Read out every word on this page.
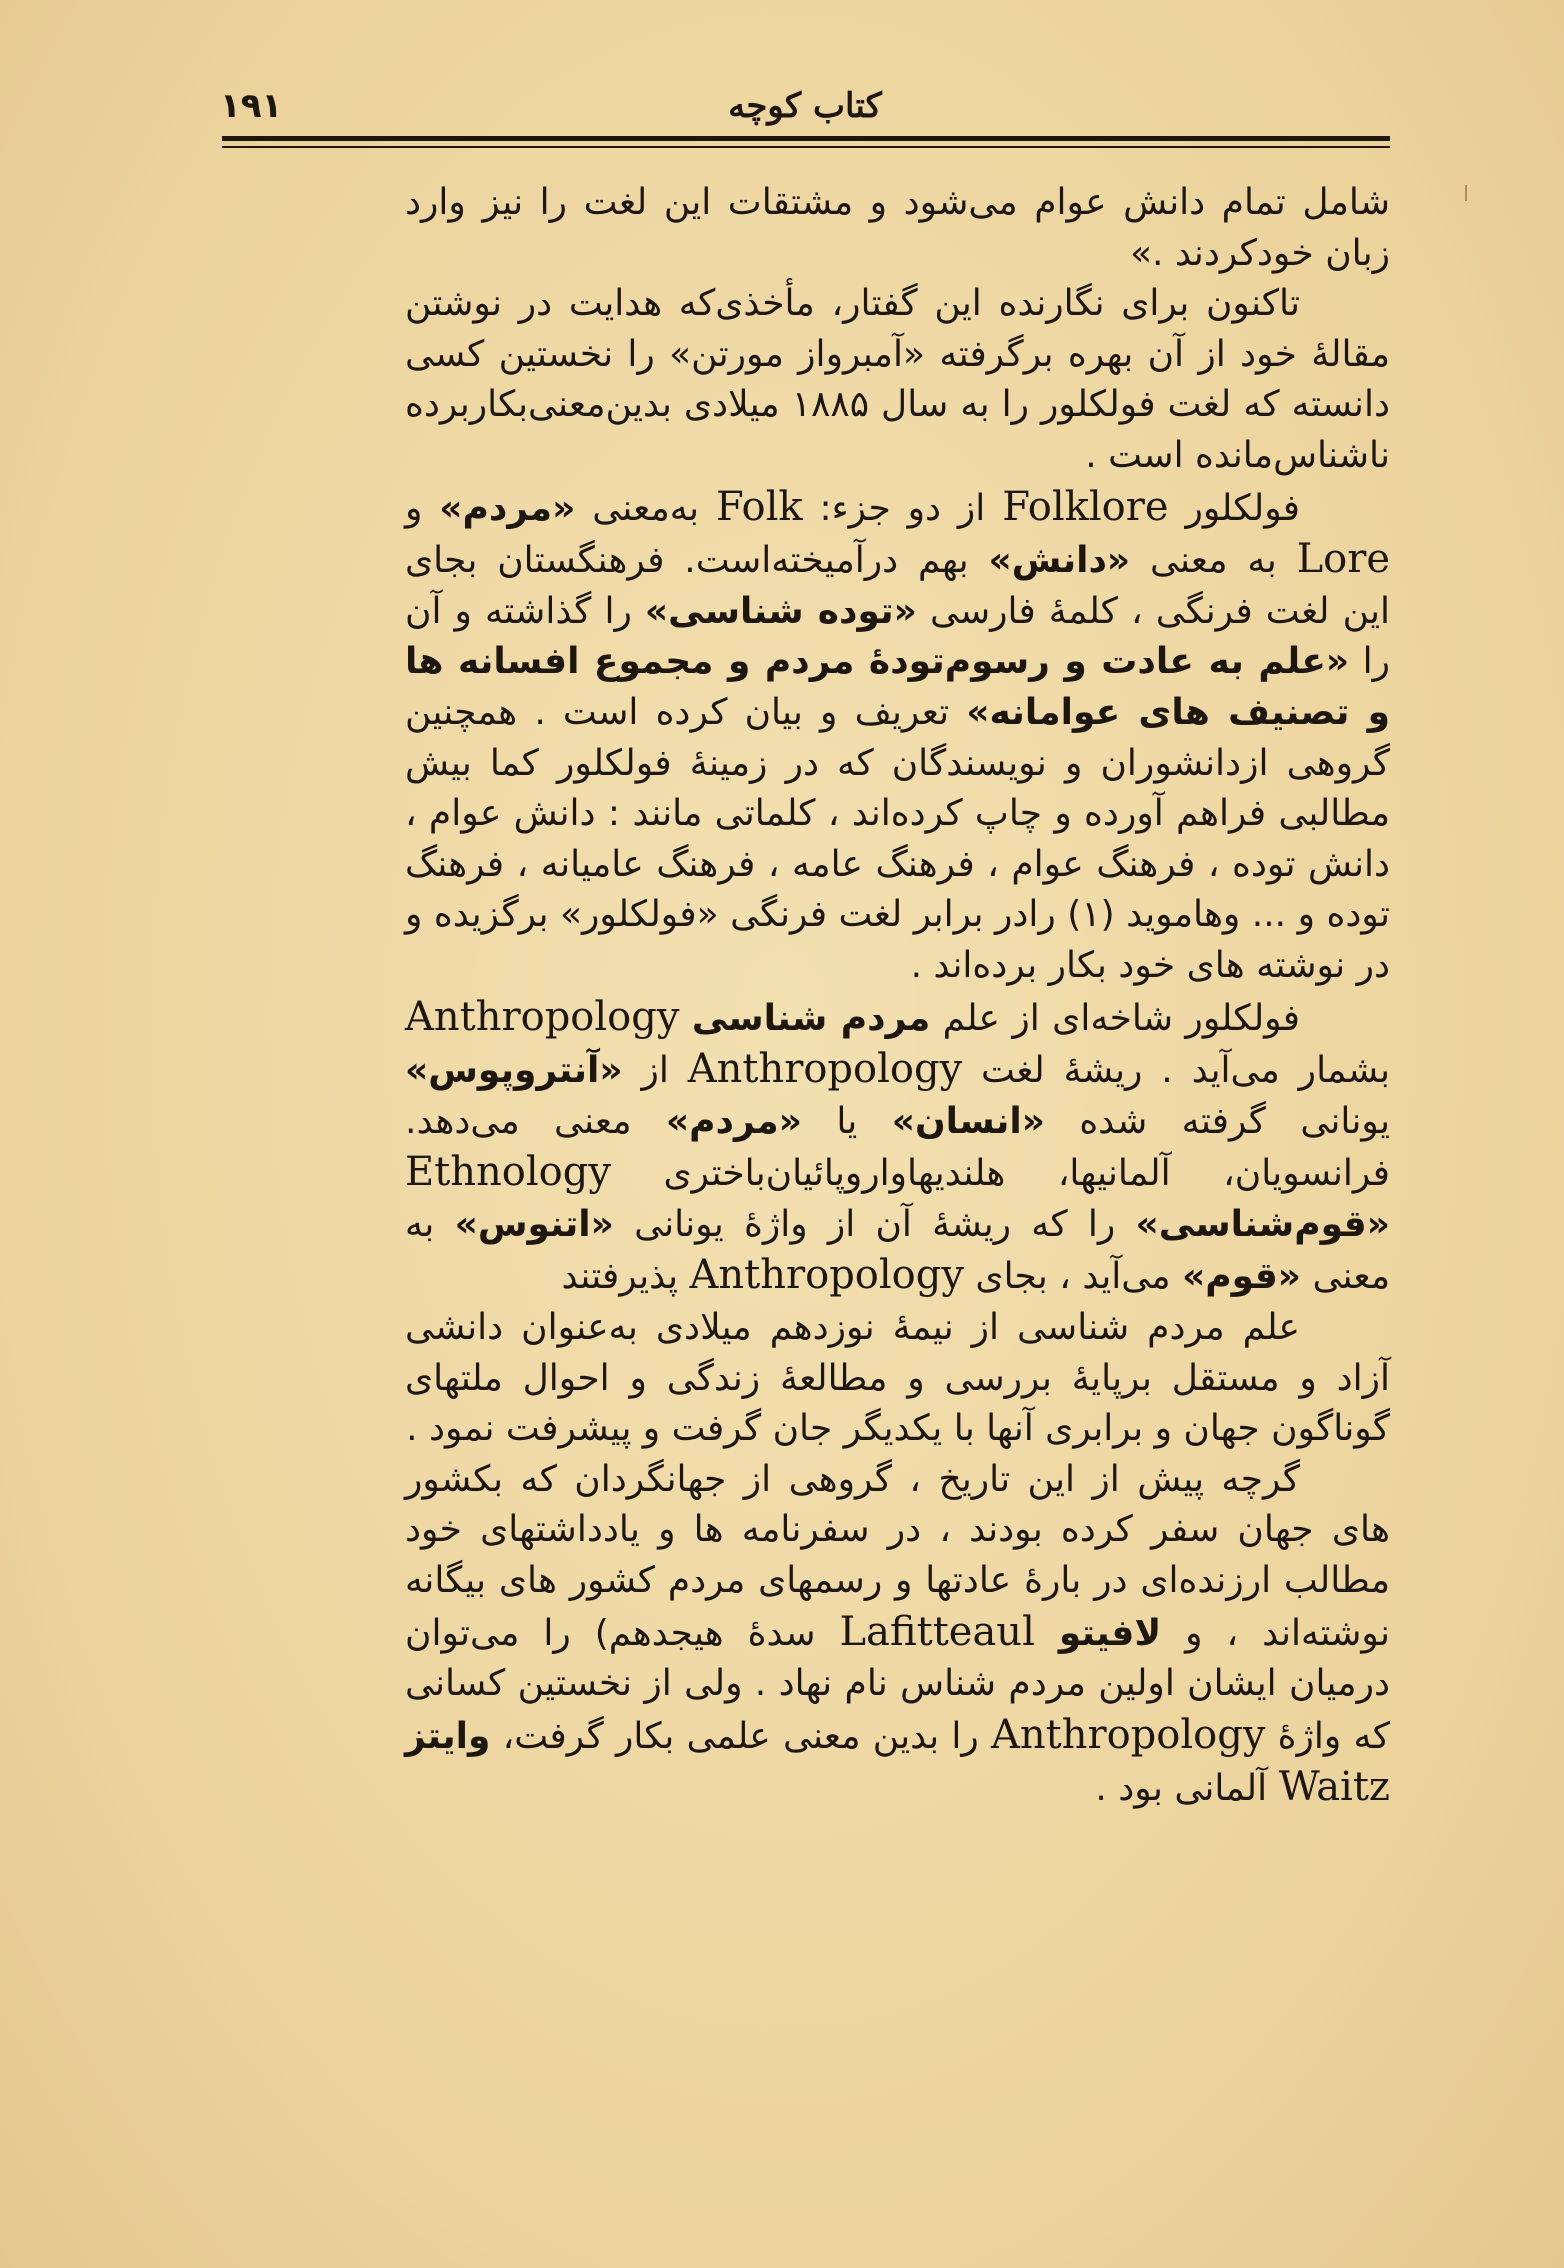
۱۹۱	کتاب کوچه

شامل تمام دانش عوام می‌شود و مشتقات این لغت را نیز وارد زبان خودکردند .»

تاکنون برای نگارنده این گفتار، مأخذی‌که هدایت در نوشتن مقالهٔ خود از آن بهره برگرفته «آمبرواز مورتن» را نخستین کسی دانسته که لغت فولکلور را به سال ۱۸۸۵ میلادی بدین‌معنی‌بکاربرده ناشناس‌مانده است .

فولکلور Folklore از دو جزء: Folk به‌معنی «مردم» و Lore به معنی «دانش» بهم درآمیخته‌است. فرهنگستان بجای این لغت فرنگی ، کلمهٔ فارسی «توده شناسی» را گذاشته و آن را «علم به عادت و رسوم‌تودهٔ مردم و مجموع افسانه ها و تصنیف های عوامانه» تعریف و بیان کرده است . همچنین گروهی ازدانشوران و نویسندگان که در زمینهٔ فولکلور کما بیش مطالبی فراهم آورده و چاپ کرده‌اند ، کلماتی مانند : دانش عوام ، دانش توده ، فرهنگ عوام ، فرهنگ عامه ، فرهنگ عامیانه ، فرهنگ توده و ... وهاموید (۱) رادر برابر لغت فرنگی «فولکلور» برگزیده و در نوشته های خود بکار برده‌اند .

فولکلور شاخه‌ای از علم مردم شناسی Anthropology بشمار می‌آید . ریشهٔ لغت Anthropology از «آنتروپوس» یونانی گرفته شده «انسان» یا «مردم» معنی می‌دهد. فرانسویان، آلمانیها، هلندیهاواروپائیان‌باختری Ethnology «قوم‌شناسی» را که ریشهٔ آن از واژهٔ یونانی «اتنوس» به معنی «قوم» می‌آید ، بجای Anthropology پذیرفتند

علم مردم شناسی از نیمهٔ نوزدهم میلادی به‌عنوان دانشی آزاد و مستقل برپایهٔ بررسی و مطالعهٔ زندگی و احوال ملتهای گوناگون جهان و برابری آنها با یکدیگر جان گرفت و پیشرفت نمود .

گرچه پیش از این تاریخ ، گروهی از جهانگردان که بکشور های جهان سفر کرده بودند ، در سفرنامه ها و یادداشتهای خود مطالب ارزنده‌ای در بارهٔ عادتها و رسمهای مردم کشور های بیگانه نوشته‌اند ، و لافیتو Lafitteaul سدهٔ هیجدهم) را می‌توان درمیان ایشان اولین مردم شناس نام نهاد . ولی از نخستین کسانی که واژهٔ Anthropology را بدین معنی علمی بکار گرفت، وایتز Waitz آلمانی بود .
